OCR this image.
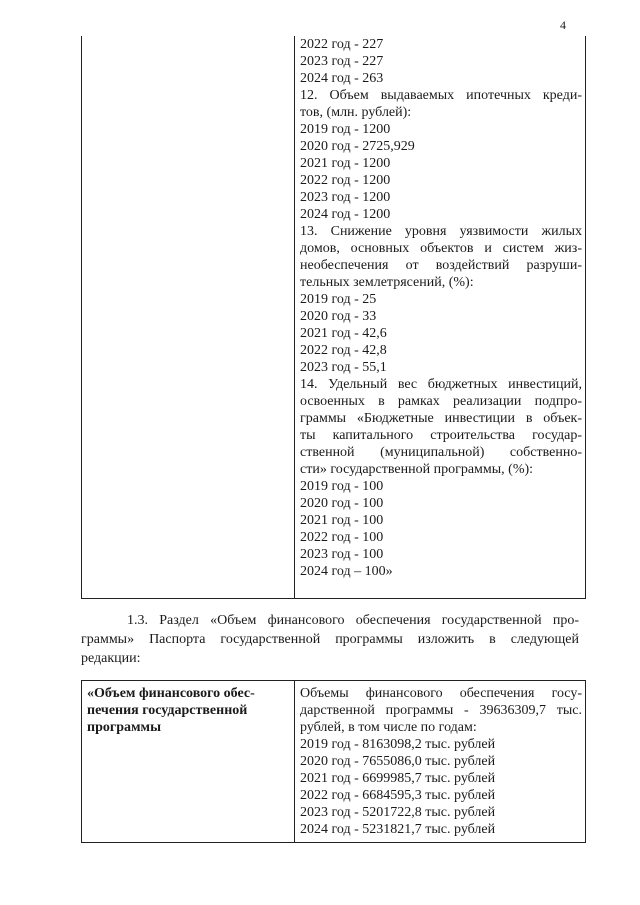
4
2022 год - 227
2023 год - 227
2024 год - 263
12. Объем выдаваемых ипотечных креди-
тов, (млн. рублей):
2019 год - 1200
2020 год - 2725,929
2021 год - 1200
2022 год - 1200
2023 год - 1200
2024 год - 1200
13. Снижение уровня уязвимости жилых
домов, основных объектов и систем жиз-
необеспечения от воздействий разруши-
тельных землетрясений, (%):
2019 год - 25
2020 год - 33
2021 год - 42,6
2022 год - 42,8
2023 год - 55,1
14. Удельный вес бюджетных инвестиций,
освоенных в рамках реализации подпро-
граммы «Бюджетные инвестиции в объек-
ты капитального строительства государ-
ственной (муниципальной) собственно-
сти» государственной программы, (%):
2019 год - 100
2020 год - 100
2021 год - 100
2022 год - 100
2023 год - 100
2024 год – 100»
1.3. Раздел «Объем финансового обеспечения государственной про-
граммы» Паспорта государственной программы изложить в следующей
редакции:
«Объем финансового обес-
печения государственной
программы
Объемы финансового обеспечения госу-
дарственной программы - 39636309,7 тыс.
рублей, в том числе по годам:
2019 год - 8163098,2 тыс. рублей
2020 год - 7655086,0 тыс. рублей
2021 год - 6699985,7 тыс. рублей
2022 год - 6684595,3 тыс. рублей
2023 год - 5201722,8 тыс. рублей
2024 год - 5231821,7 тыс. рублей
